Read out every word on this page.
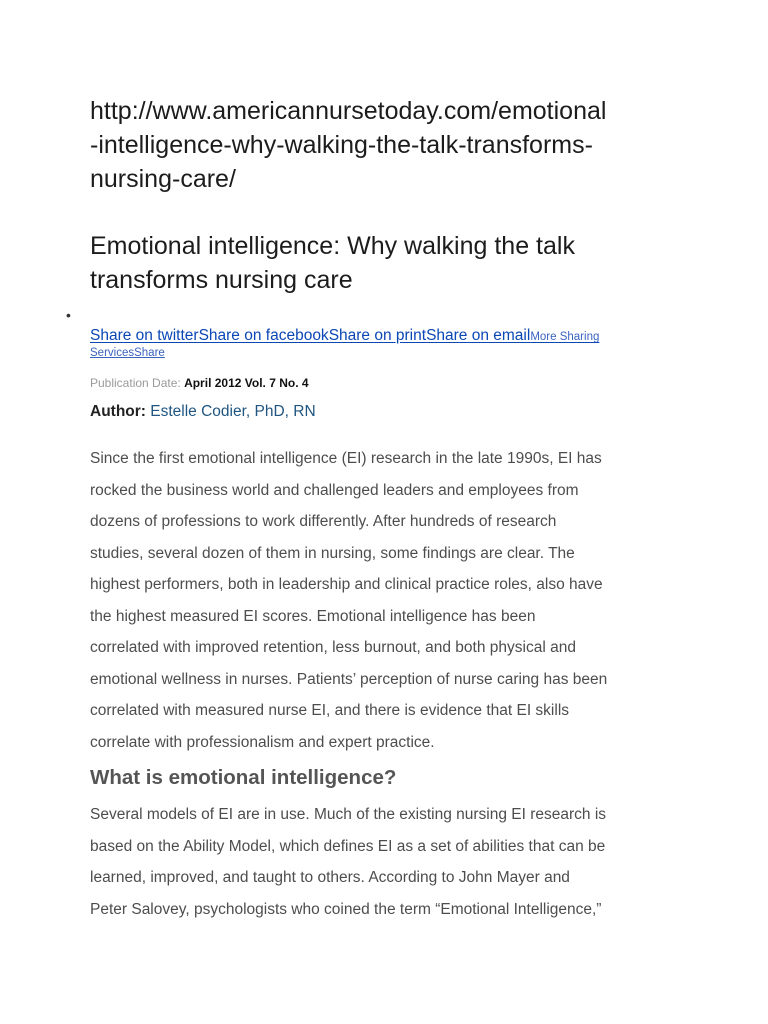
http://www.americannursetoday.com/emotional
-intelligence-why-walking-the-talk-transforms-
nursing-care/
Emotional intelligence: Why walking the talk
transforms nursing care
•
Share on twitterShare on facebookShare on printShare on emailMore Sharing
ServicesShare
Publication Date: April 2012 Vol. 7 No. 4
Author: Estelle Codier, PhD, RN
Since the first emotional intelligence (EI) research in the late 1990s, EI has
rocked the business world and challenged leaders and employees from
dozens of professions to work differently. After hundreds of research
studies, several dozen of them in nursing, some findings are clear. The
highest performers, both in leadership and clinical practice roles, also have
the highest measured EI scores. Emotional intelligence has been
correlated with improved retention, less burnout, and both physical and
emotional wellness in nurses. Patients’ perception of nurse caring has been
correlated with measured nurse EI, and there is evidence that EI skills
correlate with professionalism and expert practice.
What is emotional intelligence?
Several models of EI are in use. Much of the existing nursing EI research is
based on the Ability Model, which defines EI as a set of abilities that can be
learned, improved, and taught to others. According to John Mayer and
Peter Salovey, psychologists who coined the term “Emotional Intelligence,”
